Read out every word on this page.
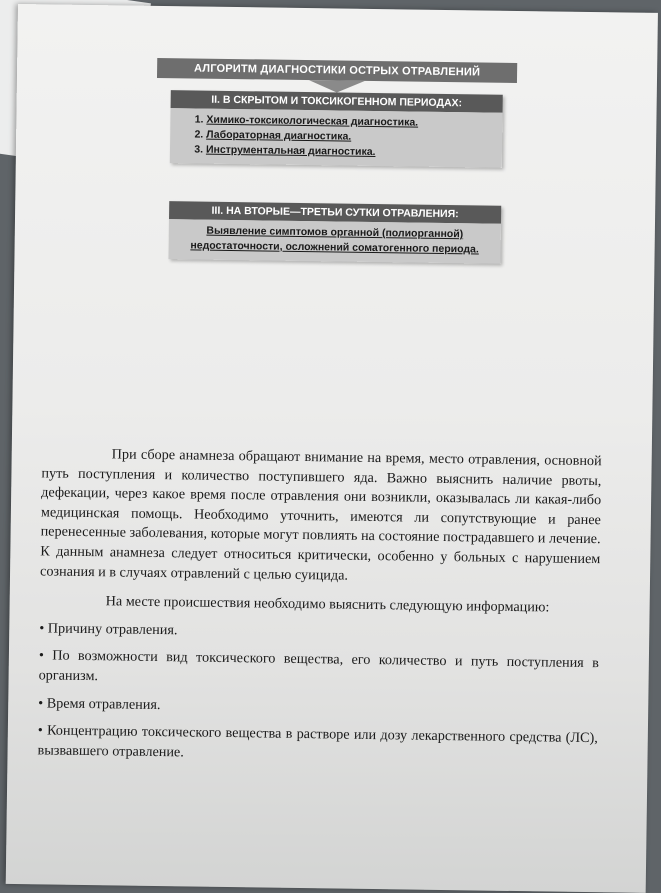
АЛГОРИТМ ДИАГНОСТИКИ ОСТРЫХ ОТРАВЛЕНИЙ
II. В СКРЫТОМ И ТОКСИКОГЕННОМ ПЕРИОДАХ:
1. Химико-токсикологическая диагностика.
2. Лабораторная диагностика.
3. Инструментальная диагностика.
III. НА ВТОРЫЕ—ТРЕТЬИ СУТКИ ОТРАВЛЕНИЯ:
Выявление симптомов органной (полиорганной) недостаточности, осложнений соматогенного периода.

При сборе анамнеза обращают внимание на время, место отравления, основной путь поступления и количество поступившего яда. Важно выяснить наличие рвоты, дефекации, через какое время после отравления они возникли, оказывалась ли какая-либо медицинская помощь. Необходимо уточнить, имеются ли сопутствующие и ранее перенесенные заболевания, которые могут повлиять на состояние пострадавшего и лечение. К данным анамнеза следует относиться критически, особенно у больных с нарушением сознания и в случаях отравлений с целью суицида.

На месте происшествия необходимо выяснить следующую информацию:

• Причину отравления.

• По возможности вид токсического вещества, его количество и путь поступления в организм.

• Время отравления.

• Концентрацию токсического вещества в растворе или дозу лекарственного средства (ЛС), вызвавшего отравление.
